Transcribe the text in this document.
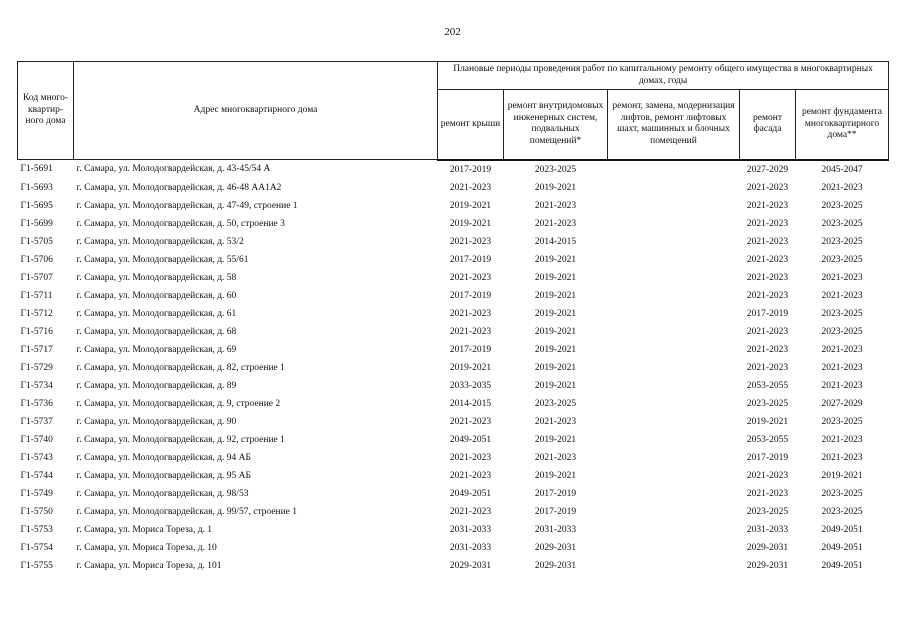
202
Код много-квартир-ного дома	Адрес многоквартирного дома	Плановые периоды проведения работ по капитальному ремонту общего имущества в многоквартирных домах, годы				
		ремонт крыши	ремонт внутридомовых инженерных систем, подвальных помещений*	ремонт, замена, модернизация лифтов, ремонт лифтовых шахт, машинных и блочных помещений	ремонт фасада	ремонт фундамента многоквартирного дома**
Г1-5691	г. Самара, ул. Молодогвардейская, д. 43-45/54 А	2017-2019	2023-2025		2027-2029	2045-2047
Г1-5693	г. Самара, ул. Молодогвардейская, д. 46-48 АА1А2	2021-2023	2019-2021		2021-2023	2021-2023
Г1-5695	г. Самара, ул. Молодогвардейская, д. 47-49, строение 1	2019-2021	2021-2023		2021-2023	2023-2025
Г1-5699	г. Самара, ул. Молодогвардейская, д. 50, строение 3	2019-2021	2021-2023		2021-2023	2023-2025
Г1-5705	г. Самара, ул. Молодогвардейская, д. 53/2	2021-2023	2014-2015		2021-2023	2023-2025
Г1-5706	г. Самара, ул. Молодогвардейская, д. 55/61	2017-2019	2019-2021		2021-2023	2023-2025
Г1-5707	г. Самара, ул. Молодогвардейская, д. 58	2021-2023	2019-2021		2021-2023	2021-2023
Г1-5711	г. Самара, ул. Молодогвардейская, д. 60	2017-2019	2019-2021		2021-2023	2021-2023
Г1-5712	г. Самара, ул. Молодогвардейская, д. 61	2021-2023	2019-2021		2017-2019	2023-2025
Г1-5716	г. Самара, ул. Молодогвардейская, д. 68	2021-2023	2019-2021		2021-2023	2023-2025
Г1-5717	г. Самара, ул. Молодогвардейская, д. 69	2017-2019	2019-2021		2021-2023	2021-2023
Г1-5729	г. Самара, ул. Молодогвардейская, д. 82, строение 1	2019-2021	2019-2021		2021-2023	2021-2023
Г1-5734	г. Самара, ул. Молодогвардейская, д. 89	2033-2035	2019-2021		2053-2055	2021-2023
Г1-5736	г. Самара, ул. Молодогвардейская, д. 9, строение 2	2014-2015	2023-2025		2023-2025	2027-2029
Г1-5737	г. Самара, ул. Молодогвардейская, д. 90	2021-2023	2021-2023		2019-2021	2023-2025
Г1-5740	г. Самара, ул. Молодогвардейская, д. 92, строение 1	2049-2051	2019-2021		2053-2055	2021-2023
Г1-5743	г. Самара, ул. Молодогвардейская, д. 94 АБ	2021-2023	2021-2023		2017-2019	2021-2023
Г1-5744	г. Самара, ул. Молодогвардейская, д. 95 АБ	2021-2023	2019-2021		2021-2023	2019-2021
Г1-5749	г. Самара, ул. Молодогвардейская, д. 98/53	2049-2051	2017-2019		2021-2023	2023-2025
Г1-5750	г. Самара, ул. Молодогвардейская, д. 99/57, строение 1	2021-2023	2017-2019		2023-2025	2023-2025
Г1-5753	г. Самара, ул. Мориса Тореза, д. 1	2031-2033	2031-2033		2031-2033	2049-2051
Г1-5754	г. Самара, ул. Мориса Тореза, д. 10	2031-2033	2029-2031		2029-2031	2049-2051
Г1-5755	г. Самара, ул. Мориса Тореза, д. 101	2029-2031	2029-2031		2029-2031	2049-2051
